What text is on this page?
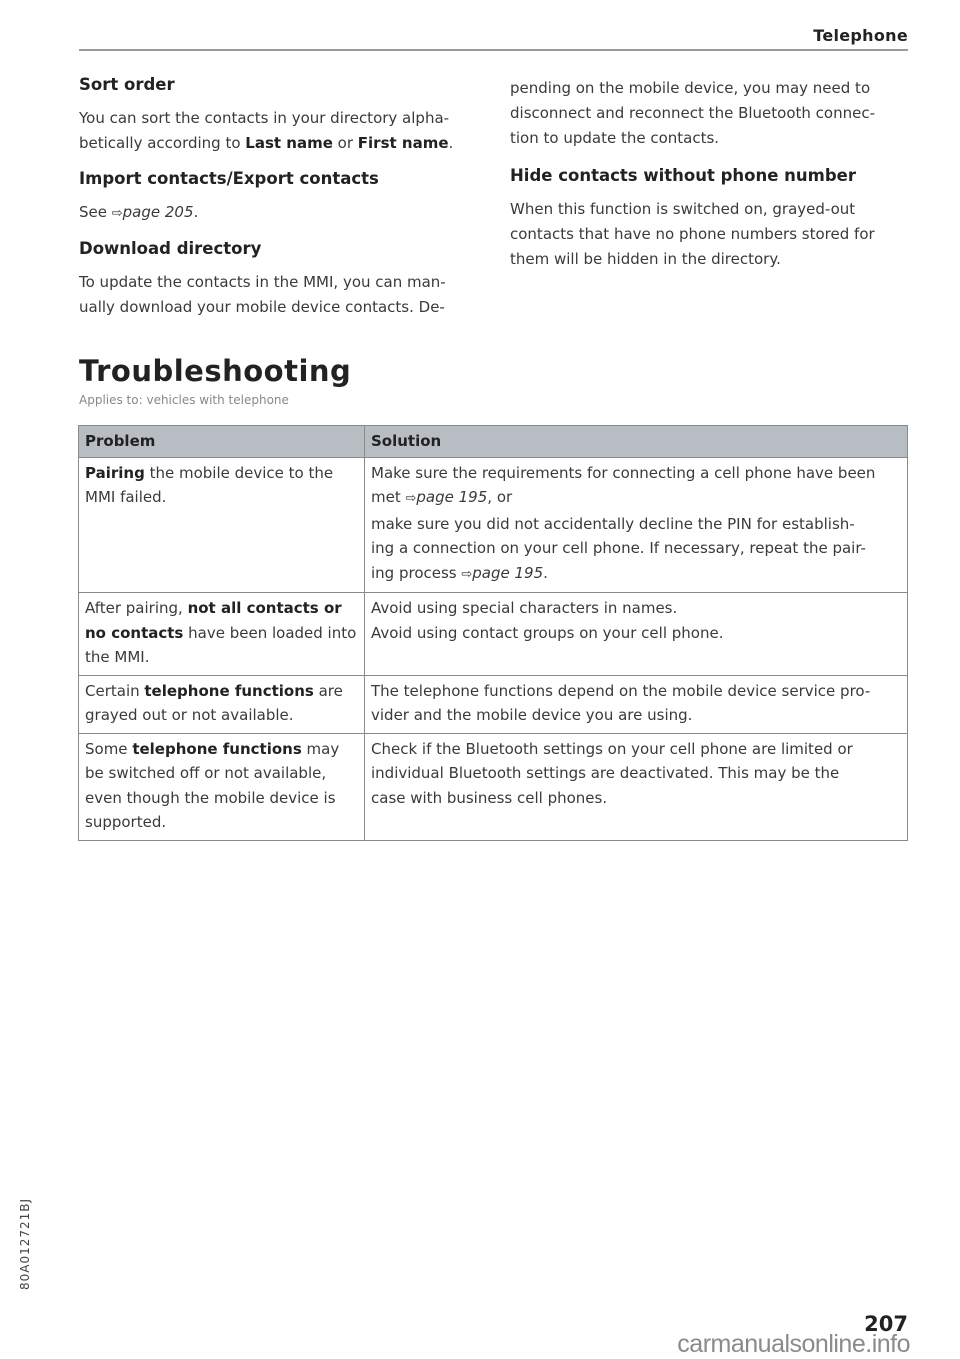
Telephone
Sort order

You can sort the contacts in your directory alpha-
betically according to Last name or First name.

Import contacts/Export contacts

See ⇨page 205.

Download directory

To update the contacts in the MMI, you can man-
ually download your mobile device contacts. De-

pending on the mobile device, you may need to
disconnect and reconnect the Bluetooth connec-
tion to update the contacts.

Hide contacts without phone number

When this function is switched on, grayed-out
contacts that have no phone numbers stored for
them will be hidden in the directory.

Troubleshooting
Applies to: vehicles with telephone
Problem	Solution
Pairing the mobile device to the MMI failed.	Make sure the requirements for connecting a cell phone have been
met ⇨page 195, or
make sure you did not accidentally decline the PIN for establish-
ing a connection on your cell phone. If necessary, repeat the pair-
ing process ⇨page 195.

After pairing, not all contacts or no contacts have been loaded into the MMI.	Avoid using special characters in names.
Avoid using contact groups on your cell phone.

Certain telephone functions are grayed out or not available.	The telephone functions depend on the mobile device service pro-
vider and the mobile device you are using.

Some telephone functions may be switched off or not available, even though the mobile device is supported.	Check if the Bluetooth settings on your cell phone are limited or
individual Bluetooth settings are deactivated. This may be the
case with business cell phones.
80A012721BJ
207
carmanualsonline.info
